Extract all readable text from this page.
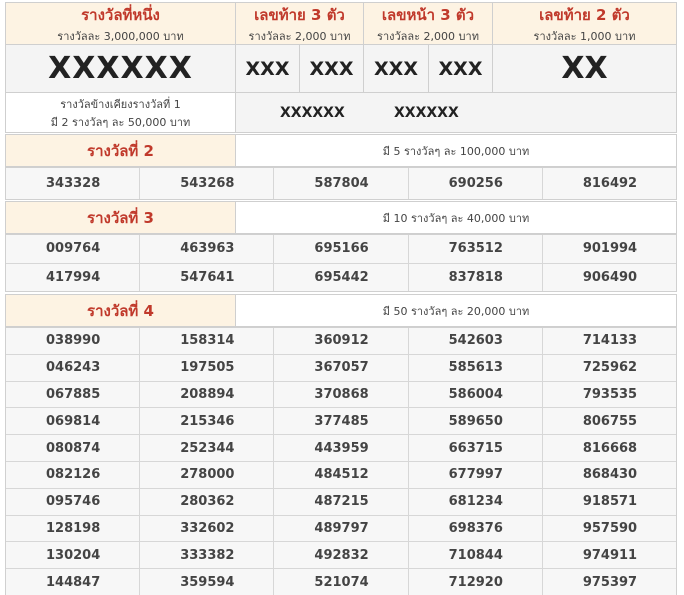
รางวัลที่หนึ่ง
รางวัลละ 3,000,000 บาท
เลขท้าย 3 ตัว
รางวัลละ 2,000 บาท
เลขหน้า 3 ตัว
รางวัลละ 2,000 บาท
เลขท้าย 2 ตัว
รางวัลละ 1,000 บาท
XXXXXX	XXX XXX XXX XXX	XX
รางวัลข้างเคียงรางวัลที่ 1
มี 2 รางวัลๆ ละ 50,000 บาท
XXXXXX	XXXXXX
รางวัลที่ 2	มี 5 รางวัลๆ ละ 100,000 บาท
343328	543268	587804	690256	816492
รางวัลที่ 3	มี 10 รางวัลๆ ละ 40,000 บาท
009764	463963	695166	763512	901994
417994	547641	695442	837818	906490
รางวัลที่ 4	มี 50 รางวัลๆ ละ 20,000 บาท
038990	158314	360912	542603	714133
046243	197505	367057	585613	725962
067885	208894	370868	586004	793535
069814	215346	377485	589650	806755
080874	252344	443959	663715	816668
082126	278000	484512	677997	868430
095746	280362	487215	681234	918571
128198	332602	489797	698376	957590
130204	333382	492832	710844	974911
144847	359594	521074	712920	975397
